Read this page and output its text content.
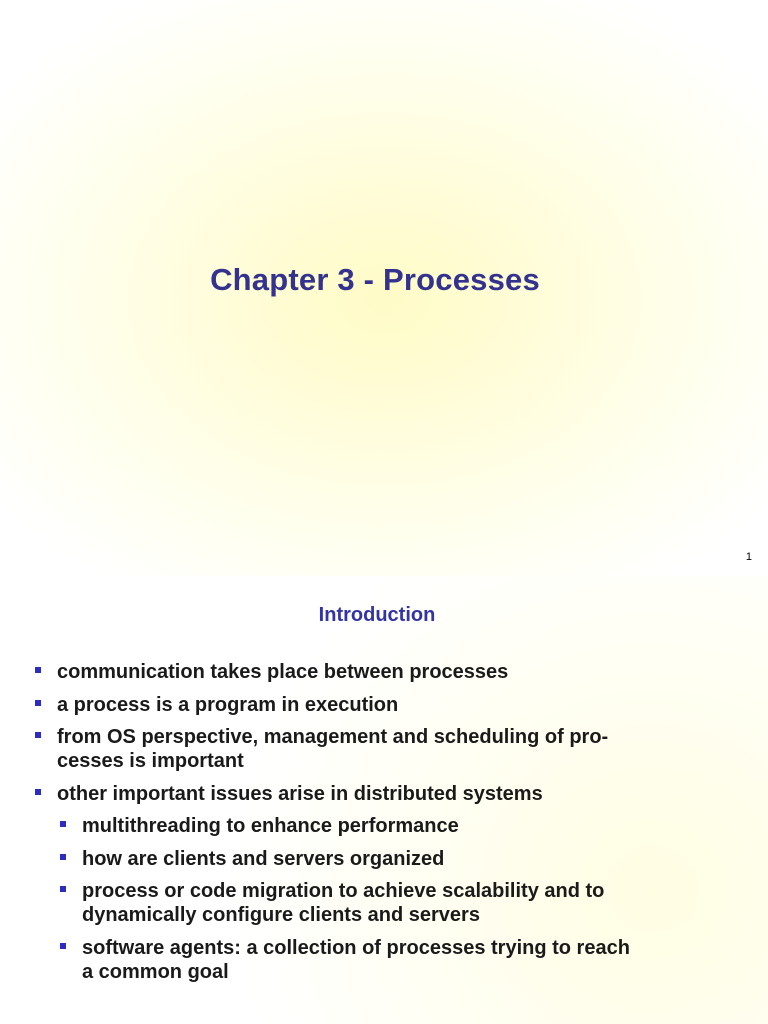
Chapter 3 - Processes
1
Introduction
communication takes place between processes
a process is a program in execution
from OS perspective, management and scheduling of pro-
cesses is important
other important issues arise in distributed systems
multithreading to enhance performance
how are clients and servers organized
process or code migration to achieve scalability and to
dynamically configure clients and servers
software agents: a collection of processes trying to reach
a common goal
